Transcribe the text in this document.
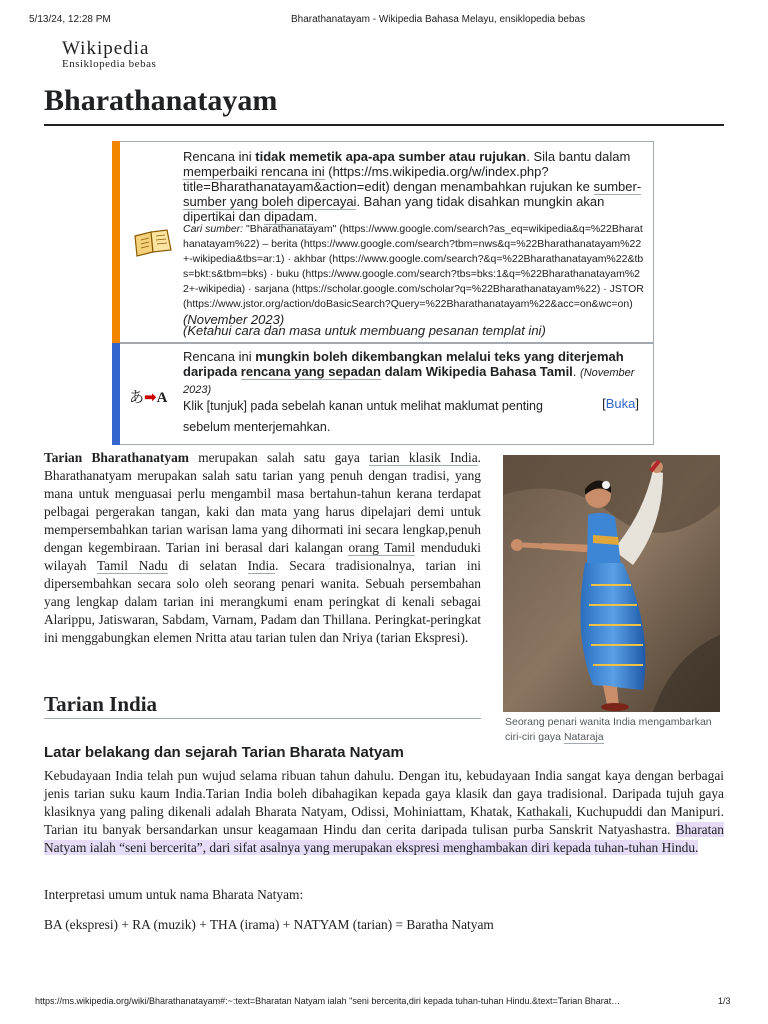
5/13/24, 12:28 PM	Bharathanatayam - Wikipedia Bahasa Melayu, ensiklopedia bebas
Wikipedia
Ensiklopedia bebas
Bharathanatayam
Rencana ini tidak memetik apa-apa sumber atau rujukan. Sila bantu dalam memperbaiki rencana ini (https://ms.wikipedia.org/w/index.php?title=Bharathanatayam&action=edit) dengan menambahkan rujukan ke sumber-sumber yang boleh dipercayai. Bahan yang tidak disahkan mungkin akan dipertikai dan dipadam.
Cari sumber: "Bharathanatayam" (https://www.google.com/search?as_eq=wikipedia&q=%22Bharathanatayam%22) – berita (https://www.google.com/search?tbm=nws&q=%22Bharathanatayam%22+-wikipedia&tbs=ar:1) · akhbar (https://www.google.com/search?&q=%22Bharathanatayam%22&tbs=bkt:s&tbm=bks) · buku (https://www.google.com/search?tbs=bks:1&q=%22Bharathanatayam%22+-wikipedia) · sarjana (https://scholar.google.com/scholar?q=%22Bharathanatayam%22) · JSTOR (https://www.jstor.org/action/doBasicSearch?Query=%22Bharathanatayam%22&acc=on&wc=on) (November 2023)
(Ketahui cara dan masa untuk membuang pesanan templat ini)
あ➡A
Rencana ini mungkin boleh dikembangkan melalui teks yang diterjemah daripada rencana yang sepadan dalam Wikipedia Bahasa Tamil. (November 2023)
Klik [tunjuk] pada sebelah kanan untuk melihat maklumat penting sebelum menterjemahkan.
[Buka]

Tarian Bharathanatyam merupakan salah satu gaya tarian klasik India. Bharathanatyam merupakan salah satu tarian yang penuh dengan tradisi, yang mana untuk menguasai perlu mengambil masa bertahun-tahun kerana terdapat pelbagai pergerakan tangan, kaki dan mata yang harus dipelajari demi untuk mempersembahkan tarian warisan lama yang dihormati ini secara lengkap,penuh dengan kegembiraan. Tarian ini berasal dari kalangan orang Tamil menduduki wilayah Tamil Nadu di selatan India. Secara tradisionalnya, tarian ini dipersembahkan secara solo oleh seorang penari wanita. Sebuah persembahan yang lengkap dalam tarian ini merangkumi enam peringkat di kenali sebagai Alarippu, Jatiswaran, Sabdam, Varnam, Padam dan Thillana. Peringkat-peringkat ini menggabungkan elemen Nritta atau tarian tulen dan Nriya (tarian Ekspresi).

Seorang penari wanita India mengambarkan ciri-ciri gaya Nataraja
Tarian India
Latar belakang dan sejarah Tarian Bharata Natyam

Kebudayaan India telah pun wujud selama ribuan tahun dahulu. Dengan itu, kebudayaan India sangat kaya dengan berbagai jenis tarian suku kaum India.Tarian India boleh dibahagikan kepada gaya klasik dan gaya tradisional. Daripada tujuh gaya klasiknya yang paling dikenali adalah Bharata Natyam, Odissi, Mohiniattam, Khatak, Kathakali, Kuchupuddi dan Manipuri. Tarian itu banyak bersandarkan unsur keagamaan Hindu dan cerita daripada tulisan purba Sanskrit Natyashastra. Bharatan Natyam ialah “seni bercerita”, dari sifat asalnya yang merupakan ekspresi menghambakan diri kepada tuhan-tuhan Hindu.

Interpretasi umum untuk nama Bharata Natyam:

BA (ekspresi) + RA (muzik) + THA (irama) + NATYAM (tarian) = Baratha Natyam

https://ms.wikipedia.org/wiki/Bharathanatayam#:~:text=Bharatan Natyam ialah "seni bercerita,diri kepada tuhan-tuhan Hindu.&text=Tarian Bharat…	1/3
